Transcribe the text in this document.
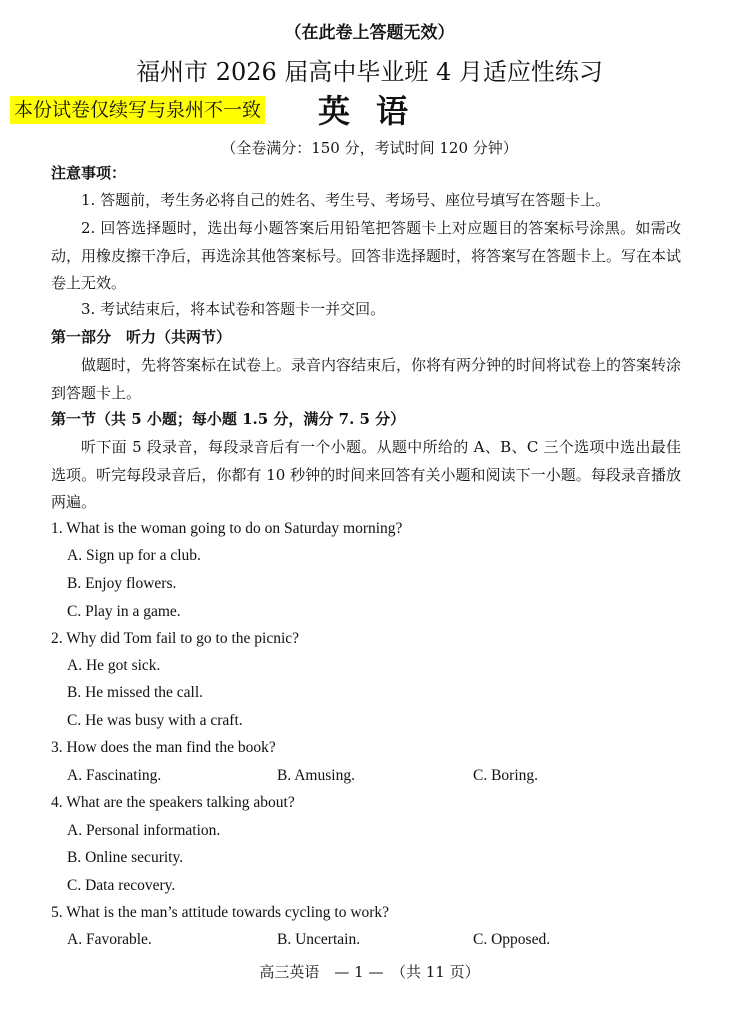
（在此卷上答题无效）
福州市 2026 届高中毕业班 4 月适应性练习
本份试卷仅续写与泉州不一致 英语
（全卷满分：150 分，考试时间 120 分钟）
注意事项：
1. 答题前，考生务必将自己的姓名、考生号、考场号、座位号填写在答题卡上。
2. 回答选择题时，选出每小题答案后用铅笔把答题卡上对应题目的答案标号涂黑。如需改动，用橡皮擦干净后，再选涂其他答案标号。回答非选择题时，将答案写在答题卡上。写在本试卷上无效。
3. 考试结束后，将本试卷和答题卡一并交回。
第一部分　听力（共两节）
做题时，先将答案标在试卷上。录音内容结束后，你将有两分钟的时间将试卷上的答案转涂到答题卡上。
第一节（共 5 小题；每小题 1.5 分，满分 7. 5 分）
听下面 5 段录音，每段录音后有一个小题。从题中所给的 A、B、C 三个选项中选出最佳选项。听完每段录音后，你都有 10 秒钟的时间来回答有关小题和阅读下一小题。每段录音播放两遍。
1. What is the woman going to do on Saturday morning?
A. Sign up for a club.
B. Enjoy flowers.
C. Play in a game.
2. Why did Tom fail to go to the picnic?
A. He got sick.
B. He missed the call.
C. He was busy with a craft.
3. How does the man find the book?
A. Fascinating.	B. Amusing.	C. Boring.
4. What are the speakers talking about?
A. Personal information.
B. Online security.
C. Data recovery.
5. What is the man’s attitude towards cycling to work?
A. Favorable.	B. Uncertain.	C. Opposed.
高三英语　— 1 —　（共 11 页）
